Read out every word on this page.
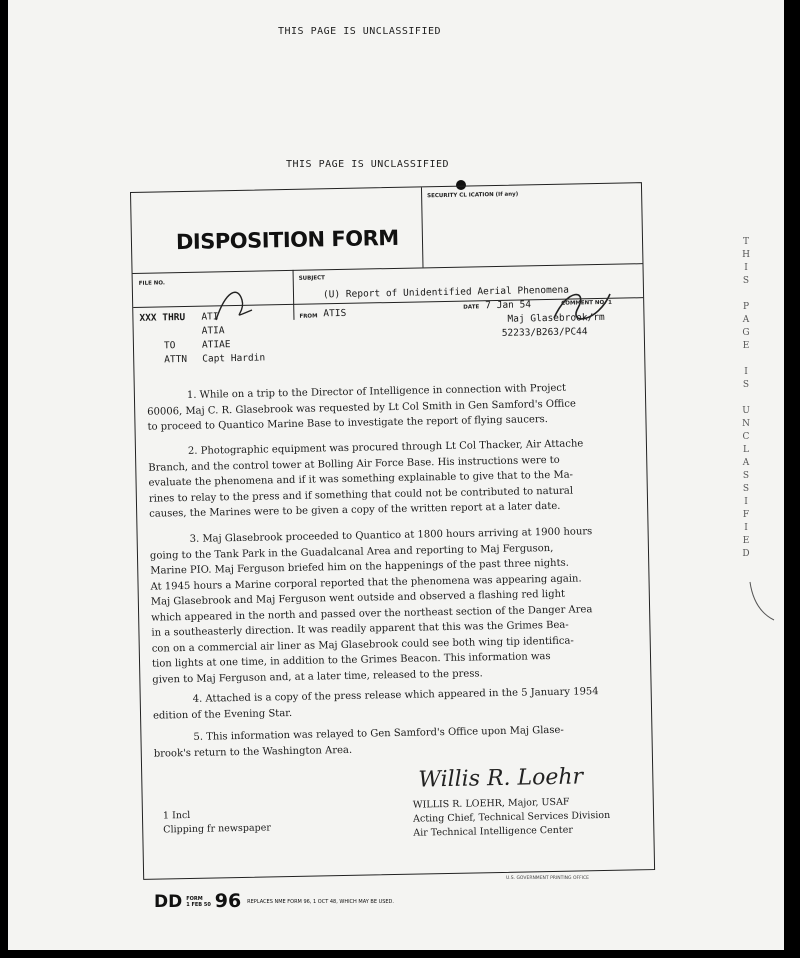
THIS PAGE IS UNCLASSIFIED
THIS PAGE IS UNCLASSIFIED
T
H
I
S
P
A
G
E
I
S
U
N
C
L
A
S
S
I
F
I
E
D
SECURITY CL ICATION (If any)
DISPOSITION FORM
FILE NO.
SUBJECT
(U) Report of Unidentified Aerial Phenomena
XXX THRU ATI
ATIA
TO	ATIAE
ATTN Capt Hardin
FROM ATIS
DATE 7 Jan 54	COMMENT NO. 1
Maj Glasebrook/rm
52233/B263/PC44
1. While on a trip to the Director of Intelligence in connection with Project
60006, Maj C. R. Glasebrook was requested by Lt Col Smith in Gen Samford's Office
to proceed to Quantico Marine Base to investigate the report of flying saucers.
2. Photographic equipment was procured through Lt Col Thacker, Air Attache
Branch, and the control tower at Bolling Air Force Base. His instructions were to
evaluate the phenomena and if it was something explainable to give that to the Ma-
rines to relay to the press and if something that could not be contributed to natural
causes, the Marines were to be given a copy of the written report at a later date.
3. Maj Glasebrook proceeded to Quantico at 1800 hours arriving at 1900 hours
going to the Tank Park in the Guadalcanal Area and reporting to Maj Ferguson,
Marine PIO. Maj Ferguson briefed him on the happenings of the past three nights.
At 1945 hours a Marine corporal reported that the phenomena was appearing again.
Maj Glasebrook and Maj Ferguson went outside and observed a flashing red light
which appeared in the north and passed over the northeast section of the Danger Area
in a southeasterly direction. It was readily apparent that this was the Grimes Bea-
con on a commercial air liner as Maj Glasebrook could see both wing tip identifica-
tion lights at one time, in addition to the Grimes Beacon. This information was
given to Maj Ferguson and, at a later time, released to the press.
4. Attached is a copy of the press release which appeared in the 5 January 1954
edition of the Evening Star.
5. This information was relayed to Gen Samford's Office upon Maj Glase-
brook's return to the Washington Area.
Willis R. Loehr
WILLIS R. LOEHR, Major, USAF
Acting Chief, Technical Services Division
Air Technical Intelligence Center
1 Incl
Clipping fr newspaper
DD FORM
1 FEB 50 96 REPLACES NME FORM 96, 1 OCT 48, WHICH MAY BE USED.
U.S. GOVERNMENT PRINTING OFFICE
